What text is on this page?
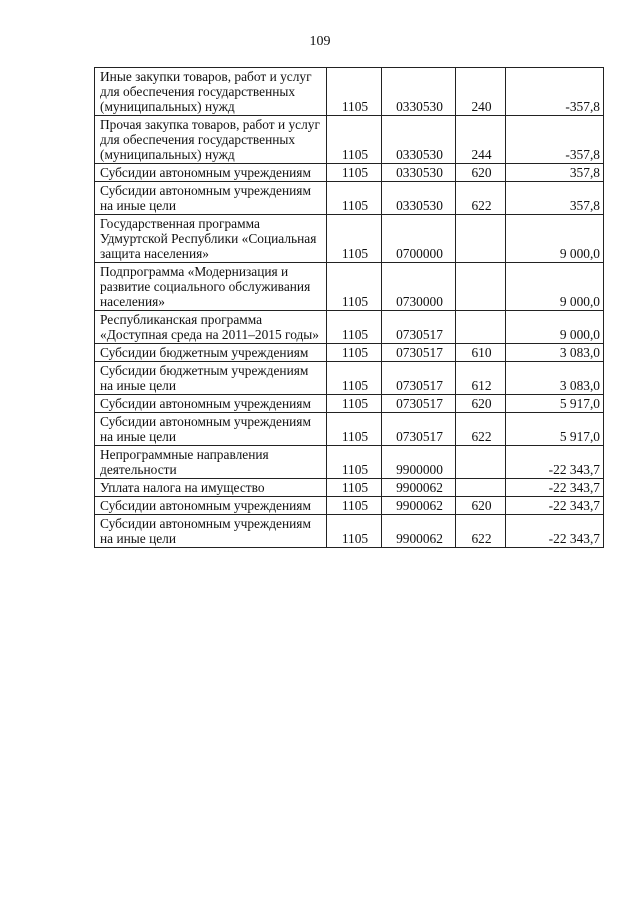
109
Иные закупки товаров, работ и услуг для обеспечения государственных (муниципальных) нужд	1105	0330530	240	-357,8
Прочая закупка товаров, работ и услуг для обеспечения государственных (муниципальных) нужд	1105	0330530	244	-357,8
Субсидии автономным учреждениям	1105	0330530	620	357,8
Субсидии автономным учреждениям на иные цели	1105	0330530	622	357,8
Государственная программа Удмуртской Республики «Социальная защита населения»	1105	0700000		9 000,0
Подпрограмма «Модернизация и развитие социального обслуживания населения»	1105	0730000		9 000,0
Республиканская программа «Доступная среда на 2011–2015 годы»	1105	0730517		9 000,0
Субсидии бюджетным учреждениям	1105	0730517	610	3 083,0
Субсидии бюджетным учреждениям на иные цели	1105	0730517	612	3 083,0
Субсидии автономным учреждениям	1105	0730517	620	5 917,0
Субсидии автономным учреждениям на иные цели	1105	0730517	622	5 917,0
Непрограммные направления деятельности	1105	9900000		-22 343,7
Уплата налога на имущество	1105	9900062		-22 343,7
Субсидии автономным учреждениям	1105	9900062	620	-22 343,7
Субсидии автономным учреждениям на иные цели	1105	9900062	622	-22 343,7
